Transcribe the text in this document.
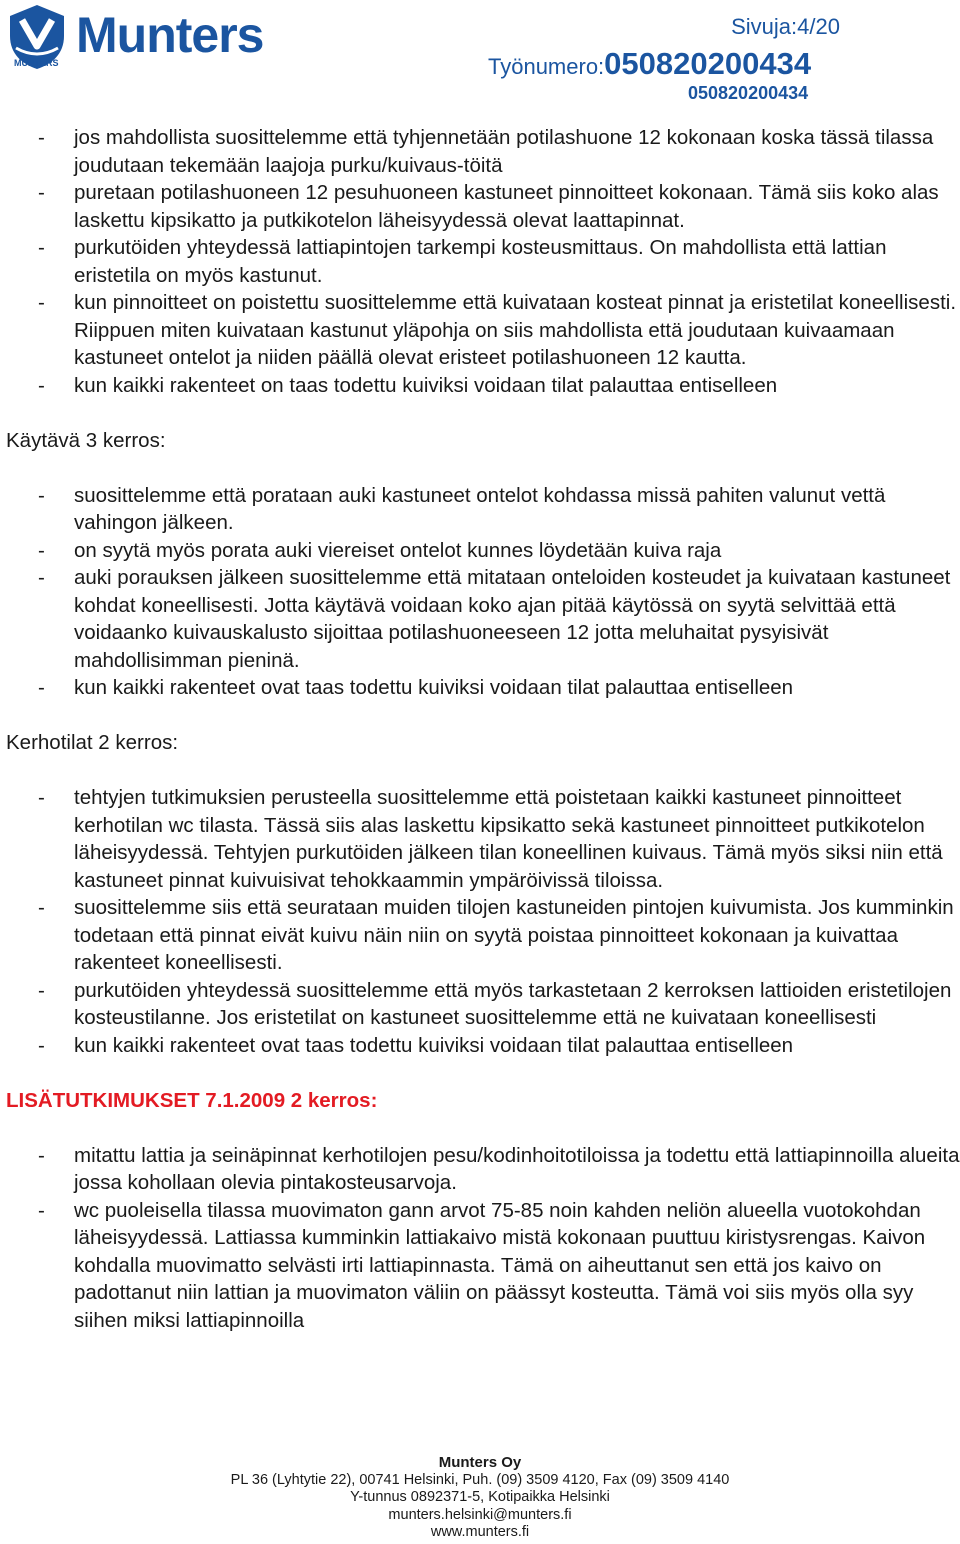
MUNTERS Munters	Sivuja:4/20
Työnumero:050820200434
050820200434

- jos mahdollista suosittelemme että tyhjennetään potilashuone 12 kokonaan koska tässä tilassa joudutaan tekemään laajoja purku/kuivaus-töitä

- puretaan potilashuoneen 12 pesuhuoneen kastuneet pinnoitteet kokonaan. Tämä siis koko alas laskettu kipsikatto ja putkikotelon läheisyydessä olevat laattapinnat.

- purkutöiden yhteydessä lattiapintojen tarkempi kosteusmittaus. On mahdollista että lattian eristetila on myös kastunut.

- kun pinnoitteet on poistettu suosittelemme että kuivataan kosteat pinnat ja eristetilat koneellisesti. Riippuen miten kuivataan kastunut yläpohja on siis mahdollista että joudutaan kuivaamaan kastuneet ontelot ja niiden päällä olevat eristeet potilashuoneen 12 kautta.

- kun kaikki rakenteet on taas todettu kuiviksi voidaan tilat palauttaa entiselleen

Käytävä 3 kerros:

- suosittelemme että porataan auki kastuneet ontelot kohdassa missä pahiten valunut vettä vahingon jälkeen.

- on syytä myös porata auki viereiset ontelot kunnes löydetään kuiva raja

- auki porauksen jälkeen suosittelemme että mitataan onteloiden kosteudet ja kuivataan kastuneet kohdat koneellisesti. Jotta käytävä voidaan koko ajan pitää käytössä on syytä selvittää että voidaanko kuivauskalusto sijoittaa potilashuoneeseen 12 jotta meluhaitat pysyisivät mahdollisimman pieninä.

- kun kaikki rakenteet ovat taas todettu kuiviksi voidaan tilat palauttaa entiselleen

Kerhotilat 2 kerros:

- tehtyjen tutkimuksien perusteella suosittelemme että poistetaan kaikki kastuneet pinnoitteet kerhotilan wc tilasta. Tässä siis alas laskettu kipsikatto sekä kastuneet pinnoitteet putkikotelon läheisyydessä. Tehtyjen purkutöiden jälkeen tilan koneellinen kuivaus. Tämä myös siksi niin että kastuneet pinnat kuivuisivat tehokkaammin ympäröivissä tiloissa.

- suosittelemme siis että seurataan muiden tilojen kastuneiden pintojen kuivumista. Jos kumminkin todetaan että pinnat eivät kuivu näin niin on syytä poistaa pinnoitteet kokonaan ja kuivattaa rakenteet koneellisesti.

- purkutöiden yhteydessä suosittelemme että myös tarkastetaan 2 kerroksen lattioiden eristetilojen kosteustilanne. Jos eristetilat on kastuneet suosittelemme että ne kuivataan koneellisesti

- kun kaikki rakenteet ovat taas todettu kuiviksi voidaan tilat palauttaa entiselleen

LISÄTUTKIMUKSET 7.1.2009 2 kerros:

- mitattu lattia ja seinäpinnat kerhotilojen pesu/kodinhoitotiloissa ja todettu että lattiapinnoilla alueita jossa kohollaan olevia pintakosteusarvoja.

- wc puoleisella tilassa muovimaton gann arvot 75-85 noin kahden neliön alueella vuotokohdan läheisyydessä. Lattiassa kumminkin lattiakaivo mistä kokonaan puuttuu kiristysrengas. Kaivon kohdalla muovimatto selvästi irti lattiapinnasta. Tämä on aiheuttanut sen että jos kaivo on padottanut niin lattian ja muovimaton väliin on päässyt kosteutta. Tämä voi siis myös olla syy siihen miksi lattiapinnoilla

Munters Oy
PL 36 (Lyhtytie 22), 00741 Helsinki, Puh. (09) 3509 4120, Fax (09) 3509 4140
Y-tunnus 0892371-5, Kotipaikka Helsinki
munters.helsinki@munters.fi
www.munters.fi
